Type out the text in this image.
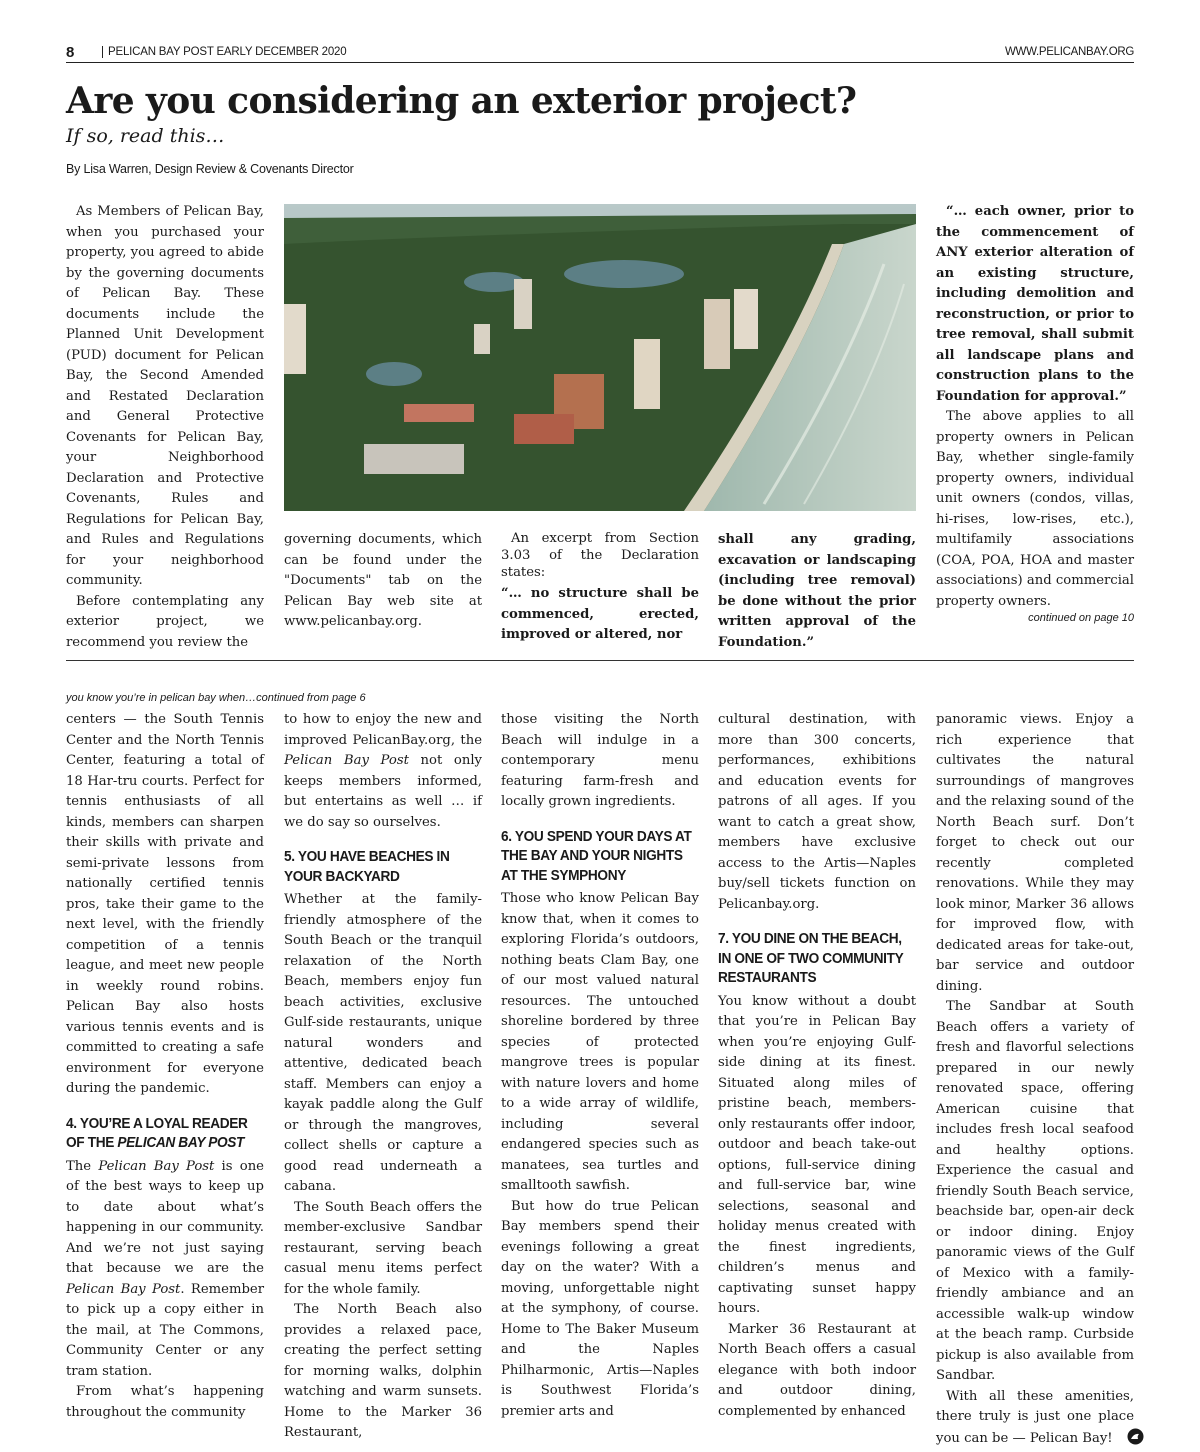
8	PELICAN BAY POST EARLY DECEMBER 2020	WWW.PELICANBAY.ORG
Are you considering an exterior project?
If so, read this…
By Lisa Warren, Design Review & Covenants Director

As Members of Pelican Bay, when you purchased your property, you agreed to abide by the governing documents of Pelican Bay. These documents include the Planned Unit Development (PUD) document for Pelican Bay, the Second Amended and Restated Declaration and General Protective Covenants for Pelican Bay, your Neighborhood Declaration and Protective Covenants, Rules and Regulations for Pelican Bay, and Rules and Regulations for your neighborhood community.

Before contemplating any exterior project, we recommend you review the

governing documents, which can be found under the "Documents" tab on the Pelican Bay web site at www.pelicanbay.org.

An excerpt from Section 3.03 of the Declaration states:

“… no structure shall be commenced, erected, improved or altered, nor

shall any grading, excavation or landscaping (including tree removal) be done without the prior written approval of the Foundation.”

“… each owner, prior to the commencement of ANY exterior alteration of an existing structure, including demolition and reconstruction, or prior to tree removal, shall submit all landscape plans and construction plans to the Foundation for approval.”

The above applies to all property owners in Pelican Bay, whether single-family property owners, individual unit owners (condos, villas, hi-rises, low-rises, etc.), multifamily associations (COA, POA, HOA and master associations) and commercial property owners.

continued on page 10
you know you’re in pelican bay when…continued from page 6

centers — the South Tennis Center and the North Tennis Center, featuring a total of 18 Har-tru courts. Perfect for tennis enthusiasts of all kinds, members can sharpen their skills with private and semi-private lessons from nationally certified tennis pros, take their game to the next level, with the friendly competition of a tennis league, and meet new people in weekly round robins. Pelican Bay also hosts various tennis events and is committed to creating a safe environment for everyone during the pandemic.

4. YOU’RE A LOYAL READER OF THE PELICAN BAY POST

The Pelican Bay Post is one of the best ways to keep up to date about what’s happening in our community. And we’re not just saying that because we are the Pelican Bay Post. Remember to pick up a copy either in the mail, at The Commons, Community Center or any tram station.

From what’s happening throughout the community

to how to enjoy the new and improved PelicanBay.org, the Pelican Bay Post not only keeps members informed, but entertains as well … if we do say so ourselves.

5. YOU HAVE BEACHES IN YOUR BACKYARD

Whether at the family-friendly atmosphere of the South Beach or the tranquil relaxation of the North Beach, members enjoy fun beach activities, exclusive Gulf-side restaurants, unique natural wonders and attentive, dedicated beach staff. Members can enjoy a kayak paddle along the Gulf or through the mangroves, collect shells or capture a good read underneath a cabana.

The South Beach offers the member-exclusive Sandbar restaurant, serving beach casual menu items perfect for the whole family.

The North Beach also provides a relaxed pace, creating the perfect setting for morning walks, dolphin watching and warm sunsets. Home to the Marker 36 Restaurant,

those visiting the North Beach will indulge in a contemporary menu featuring farm-fresh and locally grown ingredients.

6. YOU SPEND YOUR DAYS AT THE BAY AND YOUR NIGHTS AT THE SYMPHONY

Those who know Pelican Bay know that, when it comes to exploring Florida’s outdoors, nothing beats Clam Bay, one of our most valued natural resources. The untouched shoreline bordered by three species of protected mangrove trees is popular with nature lovers and home to a wide array of wildlife, including several endangered species such as manatees, sea turtles and smalltooth sawfish.

But how do true Pelican Bay members spend their evenings following a great day on the water? With a moving, unforgettable night at the symphony, of course. Home to The Baker Museum and the Naples Philharmonic, Artis—Naples is Southwest Florida’s premier arts and

cultural destination, with more than 300 concerts, performances, exhibitions and education events for patrons of all ages. If you want to catch a great show, members have exclusive access to the Artis—Naples buy/sell tickets function on Pelicanbay.org.

7. YOU DINE ON THE BEACH, IN ONE OF TWO COMMUNITY RESTAURANTS

You know without a doubt that you’re in Pelican Bay when you’re enjoying Gulf-side dining at its finest. Situated along miles of pristine beach, members-only restaurants offer indoor, outdoor and beach take-out options, full-service dining and full-service bar, wine selections, seasonal and holiday menus created with the finest ingredients, children’s menus and captivating sunset happy hours.

Marker 36 Restaurant at North Beach offers a casual elegance with both indoor and outdoor dining, complemented by enhanced

panoramic views. Enjoy a rich experience that cultivates the natural surroundings of mangroves and the relaxing sound of the North Beach surf. Don’t forget to check out our recently completed renovations. While they may look minor, Marker 36 allows for improved flow, with dedicated areas for take-out, bar service and outdoor dining.

The Sandbar at South Beach offers a variety of fresh and flavorful selections prepared in our newly renovated space, offering American cuisine that includes fresh local seafood and healthy options. Experience the casual and friendly South Beach service, beachside bar, open-air deck or indoor dining. Enjoy panoramic views of the Gulf of Mexico with a family-friendly ambiance and an accessible walk-up window at the beach ramp. Curbside pickup is also available from Sandbar.

With all these amenities, there truly is just one place you can be — Pelican Bay!
